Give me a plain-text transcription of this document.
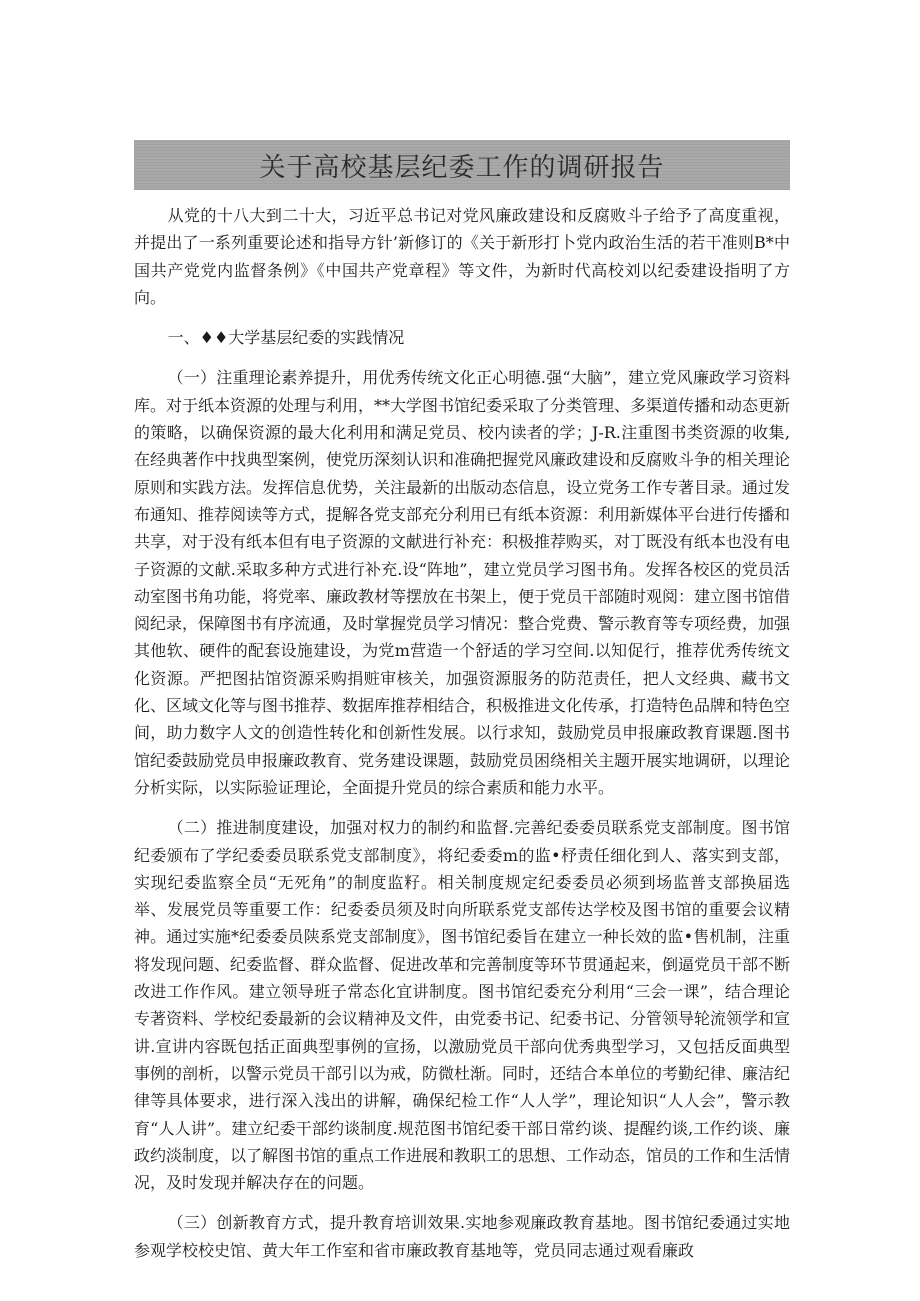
关于高校基层纪委工作的调研报告

从党的十八大到二十大，习近平总书记对党风廉政建设和反腐败斗子给予了高度重视，并提出了一系列重要论述和指导方针’新修订的《关于新形打卜党内政治生活的若干准则B*中国共产党党内监督条例》《中国共产党章程》等文件，为新时代高校刘以纪委建设指明了方向。

一、♦♦大学基层纪委的实践情况

（一）注重理论素养提升，用优秀传统文化正心明德.强“大脑”，建立党风廉政学习资料库。对于纸本资源的处理与利用，**大学图书馆纪委采取了分类管理、多渠道传播和动态更新的策略，以确保资源的最大化利用和满足党员、校内读者的学；J-R.注重图书类资源的收集,在经典著作中找典型案例，使党历深刻认识和准确把握党风廉政建设和反腐败斗争的相关理论原则和实践方法。发挥信息优势，关注最新的出版动态信息，设立党务工作专著目录。通过发布通知、推荐阅读等方式，提解各党支部充分利用已有纸本资源：利用新媒体平台进行传播和共享，对于没有纸本但有电子资源的文献进行补充：积极推荐购买，对丁既没有纸本也没有电子资源的文献.采取多种方式进行补充.设“阵地”，建立党员学习图书角。发挥各校区的党员活动室图书角功能，将党率、廉政教材等摆放在书架上，便于党员干部随时观阅：建立图书馆借阅纪录，保障图书有序流通，及时掌握党员学习情况：整合党费、警示教育等专项经费，加强其他软、硬件的配套设施建设，为党m营造一个舒适的学习空间.以知促行，推荐优秀传统文化资源。严把图拈馆资源采购捐赃审核关，加强资源服务的防范责任，把人文经典、藏书文化、区域文化等与图书推荐、数据库推荐相结合，积极推进文化传承，打造特色品牌和特色空间，助力数字人文的创造性转化和创新性发展。以行求知，鼓励党员申报廉政教育课题.图书馆纪委鼓励党员申报廉政教育、党务建设课题，鼓励党员困绕相关主题开展实地调研，以理论分析实际，以实际验证理论，全面提升党员的综合素质和能力水平。

（二）推进制度建设，加强对权力的制约和监督.完善纪委委员联系党支部制度。图书馆纪委颁布了学纪委委员联系党支部制度》，将纪委委m的监•杼责任细化到人、落实到支部，实现纪委监察全员“无死角”的制度监籽。相关制度规定纪委委员必须到场监普支部换届选举、发展党员等重要工作：纪委委员须及时向所联系党支部传达学校及图书馆的重要会议精神。通过实施*纪委委员陕系党支部制度》，图书馆纪委旨在建立一种长效的监•售机制，注重将发现问题、纪委监督、群众监督、促进改革和完善制度等环节贯通起来，倒逼党员干部不断改进工作作风。建立领导班子常态化宜讲制度。图书馆纪委充分利用“三会一课”，结合理论专著资料、学校纪委最新的会议精神及文件，由党委书记、纪委书记、分管领导轮流领学和宣讲.宣讲内容既包括正面典型事例的宣扬，以激励党员干部向优秀典型学习，又包括反面典型事例的剖析，以警示党员干部引以为戒，防微杜渐。同时，还结合本单位的考勤纪律、廉洁纪律等具体要求，进行深入浅出的讲解，确保纪检工作“人人学”，理论知识“人人会”，警示教育“人人讲”。建立纪委干部约谈制度.规范图书馆纪委干部日常约谈、提醒约谈,工作约谈、廉政约淡制度，以了解图书馆的重点工作进展和教职工的思想、工作动态，馆员的工作和生活情况，及时发现并解决存在的问题。

（三）创新教育方式，提升教育培训效果.实地参观廉政教育基地。图书馆纪委通过实地参观学校校史馆、黄大年工作室和省市廉政教育基地等，党员同志通过观看廉政
